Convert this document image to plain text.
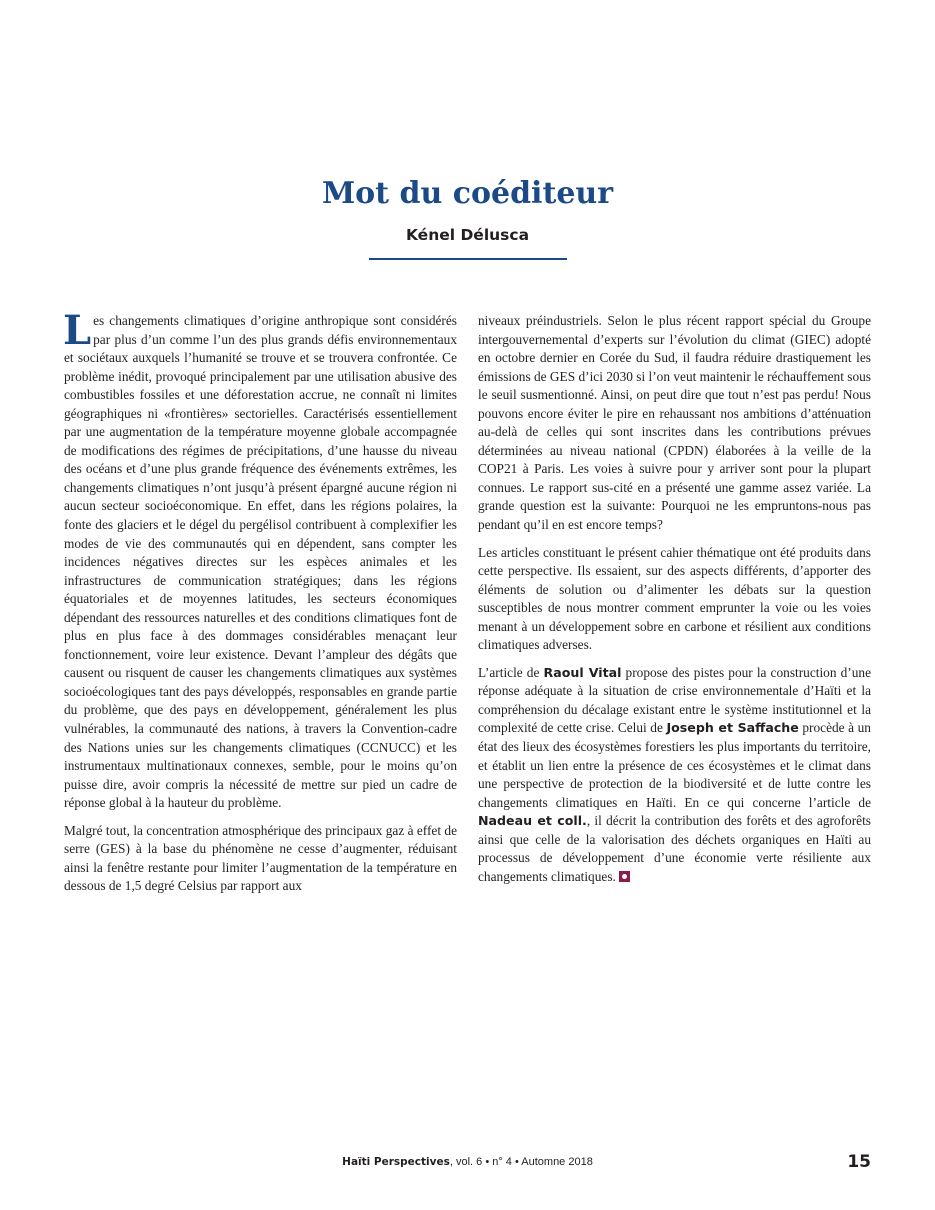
Mot du coéditeur
Kénel Délusca

Les changements climatiques d’origine anthropique sont considérés par plus d’un comme l’un des plus grands défis environnementaux et sociétaux auxquels l’humanité se trouve et se trouvera confrontée. Ce problème inédit, provoqué principalement par une utilisation abusive des combustibles fossiles et une déforestation accrue, ne connaît ni limites géographiques ni «frontières» sectorielles. Caractérisés essentiellement par une augmentation de la température moyenne globale accompagnée de modifications des régimes de précipitations, d’une hausse du niveau des océans et d’une plus grande fréquence des événements extrêmes, les changements climatiques n’ont jusqu’à présent épargné aucune région ni aucun secteur socioéconomique. En effet, dans les régions polaires, la fonte des glaciers et le dégel du pergélisol contribuent à complexifier les modes de vie des communautés qui en dépendent, sans compter les incidences négatives directes sur les espèces animales et les infrastructures de communication stratégiques; dans les régions équatoriales et de moyennes latitudes, les secteurs économiques dépendant des ressources naturelles et des conditions climatiques font de plus en plus face à des dommages considérables menaçant leur fonctionnement, voire leur existence. Devant l’ampleur des dégâts que causent ou risquent de causer les changements climatiques aux systèmes socioécologiques tant des pays développés, responsables en grande partie du problème, que des pays en développement, généralement les plus vulnérables, la communauté des nations, à travers la Convention-cadre des Nations unies sur les changements climatiques (CCNUCC) et les instrumentaux multinationaux connexes, semble, pour le moins qu’on puisse dire, avoir compris la nécessité de mettre sur pied un cadre de réponse global à la hauteur du problème.

Malgré tout, la concentration atmosphérique des principaux gaz à effet de serre (GES) à la base du phénomène ne cesse d’augmenter, réduisant ainsi la fenêtre restante pour limiter l’augmentation de la température en dessous de 1,5 degré Celsius par rapport aux

niveaux préindustriels. Selon le plus récent rapport spécial du Groupe intergouvernemental d’experts sur l’évolution du climat (GIEC) adopté en octobre dernier en Corée du Sud, il faudra réduire drastiquement les émissions de GES d’ici 2030 si l’on veut maintenir le réchauffement sous le seuil susmentionné. Ainsi, on peut dire que tout n’est pas perdu! Nous pouvons encore éviter le pire en rehaussant nos ambitions d’atténuation au-delà de celles qui sont inscrites dans les contributions prévues déterminées au niveau national (CPDN) élaborées à la veille de la COP21 à Paris. Les voies à suivre pour y arriver sont pour la plupart connues. Le rapport sus-cité en a présenté une gamme assez variée. La grande question est la suivante: Pourquoi ne les empruntons-nous pas pendant qu’il en est encore temps?

Les articles constituant le présent cahier thématique ont été produits dans cette perspective. Ils essaient, sur des aspects différents, d’apporter des éléments de solution ou d’alimenter les débats sur la question susceptibles de nous montrer comment emprunter la voie ou les voies menant à un développement sobre en carbone et résilient aux conditions climatiques adverses.

L’article de Raoul Vital propose des pistes pour la construction d’une réponse adéquate à la situation de crise environnementale d’Haïti et la compréhension du décalage existant entre le système institutionnel et la complexité de cette crise. Celui de Joseph et Saffache procède à un état des lieux des écosystèmes forestiers les plus importants du territoire, et établit un lien entre la présence de ces écosystèmes et le climat dans une perspective de protection de la biodiversité et de lutte contre les changements climatiques en Haïti. En ce qui concerne l’article de Nadeau et coll., il décrit la contribution des forêts et des agroforêts ainsi que celle de la valorisation des déchets organiques en Haïti au processus de développement d’une économie verte résiliente aux changements climatiques.

Haïti Perspectives, vol. 6 • n° 4 • Automne 2018	15
